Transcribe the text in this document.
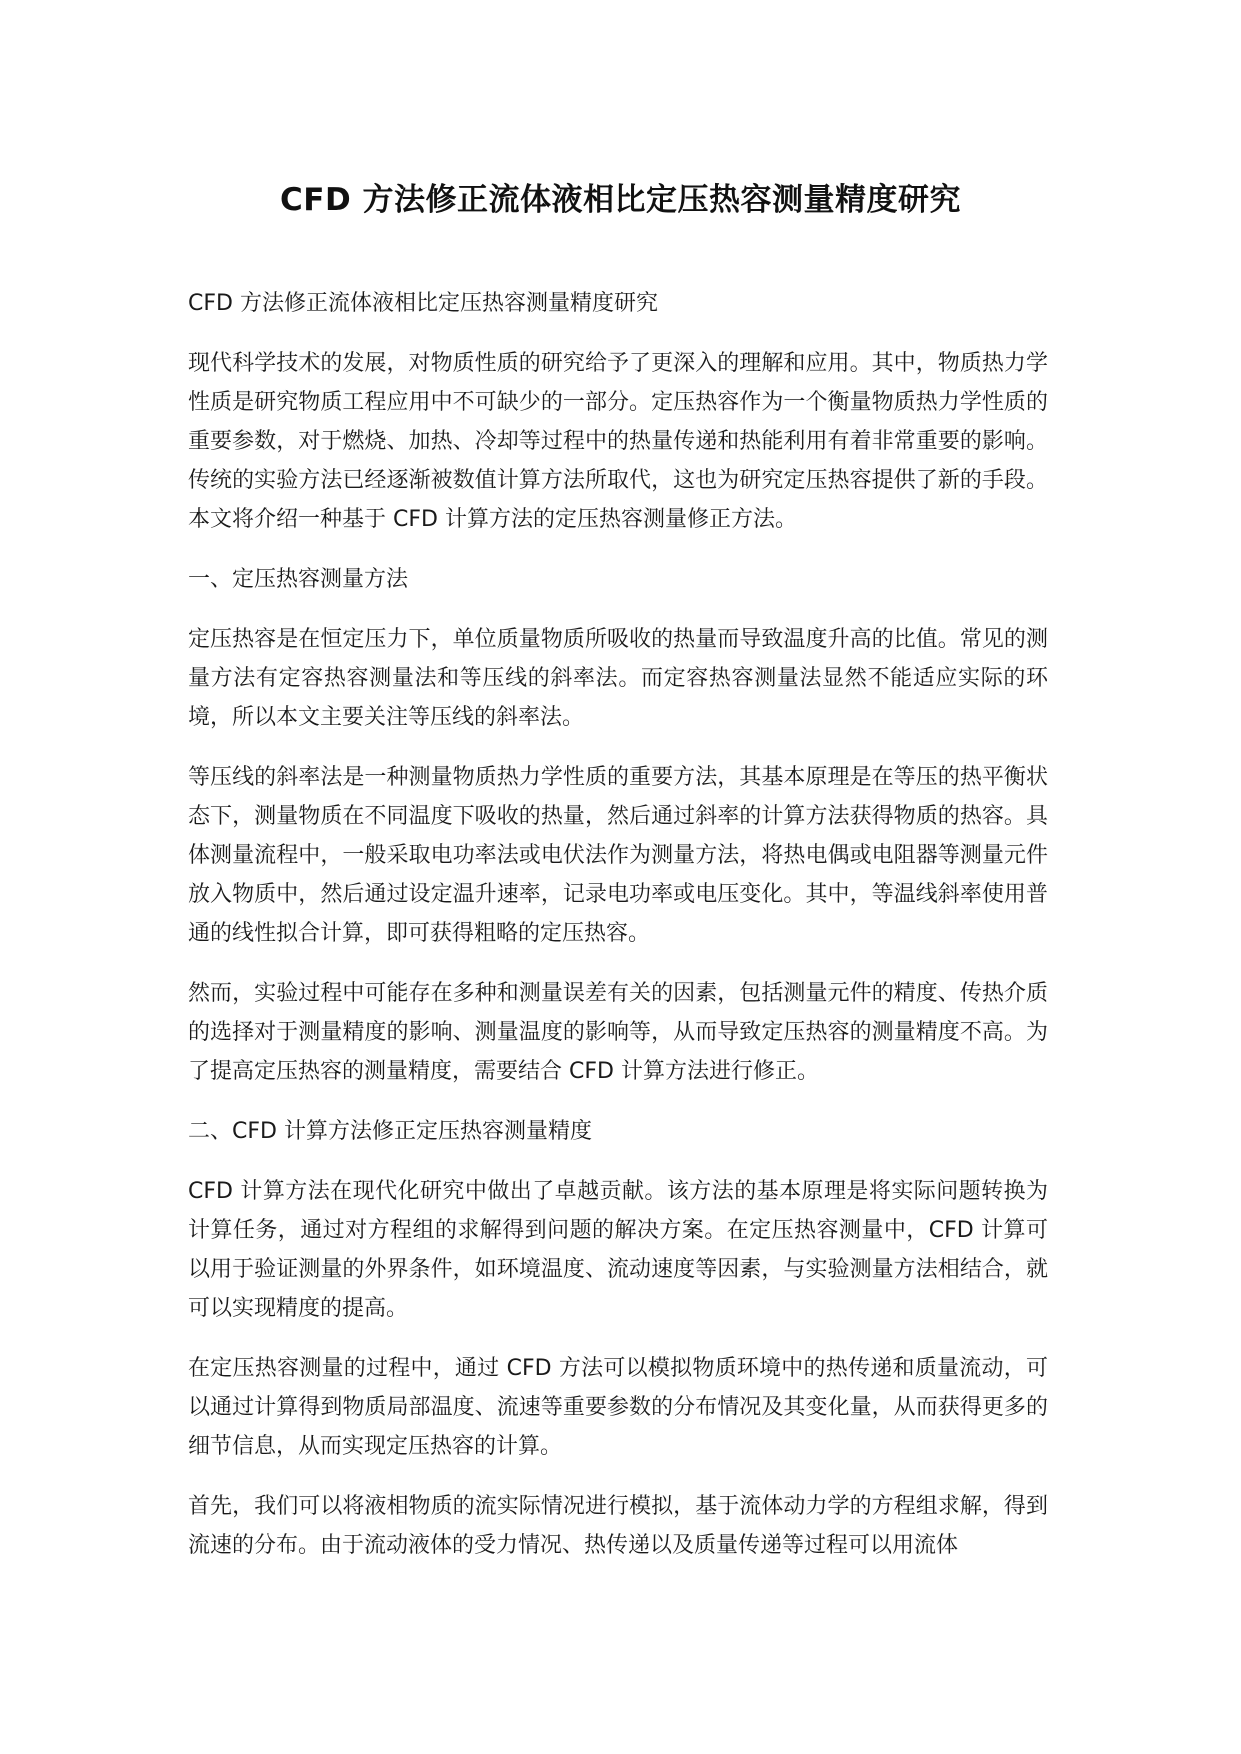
CFD 方法修正流体液相比定压热容测量精度研究

CFD 方法修正流体液相比定压热容测量精度研究

现代科学技术的发展，对物质性质的研究给予了更深入的理解和应用。其中，物质热力学性质是研究物质工程应用中不可缺少的一部分。定压热容作为一个衡量物质热力学性质的重要参数，对于燃烧、加热、冷却等过程中的热量传递和热能利用有着非常重要的影响。传统的实验方法已经逐渐被数值计算方法所取代，这也为研究定压热容提供了新的手段。本文将介绍一种基于 CFD 计算方法的定压热容测量修正方法。

一、定压热容测量方法

定压热容是在恒定压力下，单位质量物质所吸收的热量而导致温度升高的比值。常见的测量方法有定容热容测量法和等压线的斜率法。而定容热容测量法显然不能适应实际的环境，所以本文主要关注等压线的斜率法。

等压线的斜率法是一种测量物质热力学性质的重要方法，其基本原理是在等压的热平衡状态下，测量物质在不同温度下吸收的热量，然后通过斜率的计算方法获得物质的热容。具体测量流程中，一般采取电功率法或电伏法作为测量方法，将热电偶或电阻器等测量元件放入物质中，然后通过设定温升速率，记录电功率或电压变化。其中，等温线斜率使用普通的线性拟合计算，即可获得粗略的定压热容。

然而，实验过程中可能存在多种和测量误差有关的因素，包括测量元件的精度、传热介质的选择对于测量精度的影响、测量温度的影响等，从而导致定压热容的测量精度不高。为了提高定压热容的测量精度，需要结合 CFD 计算方法进行修正。

二、CFD 计算方法修正定压热容测量精度

CFD 计算方法在现代化研究中做出了卓越贡献。该方法的基本原理是将实际问题转换为计算任务，通过对方程组的求解得到问题的解决方案。在定压热容测量中，CFD 计算可以用于验证测量的外界条件，如环境温度、流动速度等因素，与实验测量方法相结合，就可以实现精度的提高。

在定压热容测量的过程中，通过 CFD 方法可以模拟物质环境中的热传递和质量流动，可以通过计算得到物质局部温度、流速等重要参数的分布情况及其变化量，从而获得更多的细节信息，从而实现定压热容的计算。

首先，我们可以将液相物质的流实际情况进行模拟，基于流体动力学的方程组求解，得到流速的分布。由于流动液体的受力情况、热传递以及质量传递等过程可以用流体
